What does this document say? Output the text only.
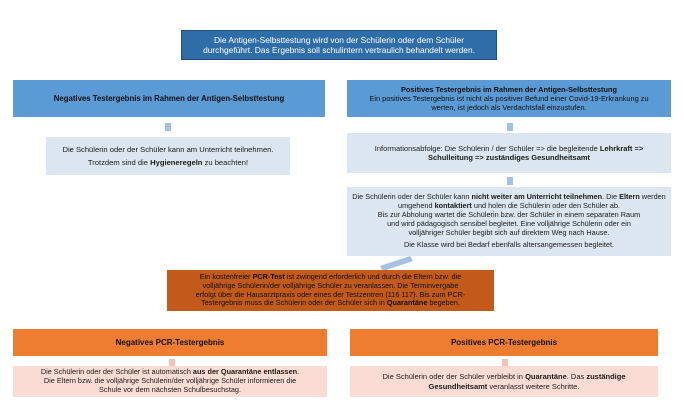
Die Antigen-Selbsttestung wird von der Schülerin oder dem Schüler

durchgeführt. Das Ergebnis soll schulintern vertraulich behandelt werden.

Negatives Testergebnis im Rahmen der Antigen-Selbsttestung

Die Schülerin oder der Schüler kann am Unterricht teilnehmen.

Trotzdem sind die Hygieneregeln zu beachten!

Positives Testergebnis im Rahmen der Antigen-Selbsttestung

Ein positives Testergebnis ist nicht als positiver Befund einer Covid-19-Erkrankung zu

werten, ist jedoch als Verdachtsfall einzustufen.

Informationsabfolge: Die Schülerin / der Schüler => die begleitende Lehrkraft =>

Schulleitung => zuständiges Gesundheitsamt

Die Schülerin oder der Schüler kann nicht weiter am Unterricht teilnehmen. Die Eltern werden umgehend kontaktiert und holen die Schülerin oder den Schüler ab.

Bis zur Abholung wartet die Schülerin bzw. der Schüler in einem separaten Raum

und wird pädagogisch sensibel begleitet. Eine volljährige Schülerin oder ein

volljähriger Schüler begibt sich auf direktem Weg nach Hause.

Die Klasse wird bei Bedarf ebenfalls altersangemessen begleitet.

Ein kostenfreier PCR-Test ist zwingend erforderlich und durch die Eltern bzw. die

volljährige Schülerin/der volljährige Schüler zu veranlassen. Die Terminvergabe

erfolgt über die Hausarztpraxis oder eines der Testzentren (116 117). Bis zum PCR-

Testergebnis muss die Schülerin oder der Schüler sich in Quarantäne begeben.

Negatives PCR-Testergebnis

Die Schülerin oder der Schüler ist automatisch aus der Quarantäne entlassen.

Die Eltern bzw. die volljährige Schülerin/der volljährige Schüler informieren die

Schule vor dem nächsten Schulbesuchstag.

Positives PCR-Testergebnis

Die Schülerin oder der Schüler verbleibt in Quarantäne. Das zuständige

Gesundheitsamt veranlasst weitere Schritte.
